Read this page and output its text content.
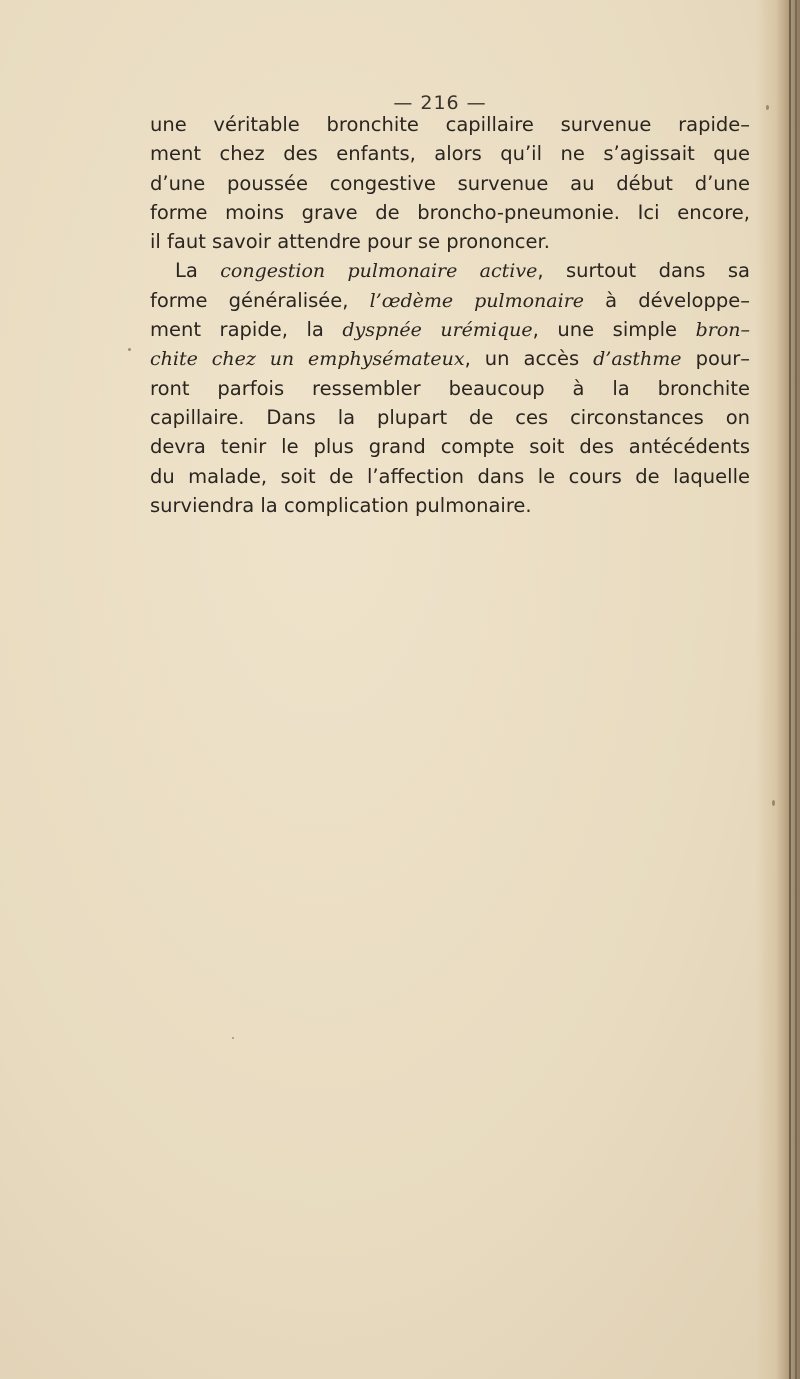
— 216 —
une véritable bronchite capillaire survenue rapide–
ment chez des enfants, alors qu’il ne s’agissait que
d’une poussée congestive survenue au début d’une
forme moins grave de broncho-pneumonie. Ici encore,
il faut savoir attendre pour se prononcer.
La congestion pulmonaire active, surtout dans sa
forme généralisée, l’œdème pulmonaire à développe–
ment rapide, la dyspnée urémique, une simple bron–
chite chez un emphysémateux, un accès d’asthme pour–
ront parfois ressembler beaucoup à la bronchite
capillaire. Dans la plupart de ces circonstances on
devra tenir le plus grand compte soit des antécédents
du malade, soit de l’affection dans le cours de laquelle
surviendra la complication pulmonaire.
